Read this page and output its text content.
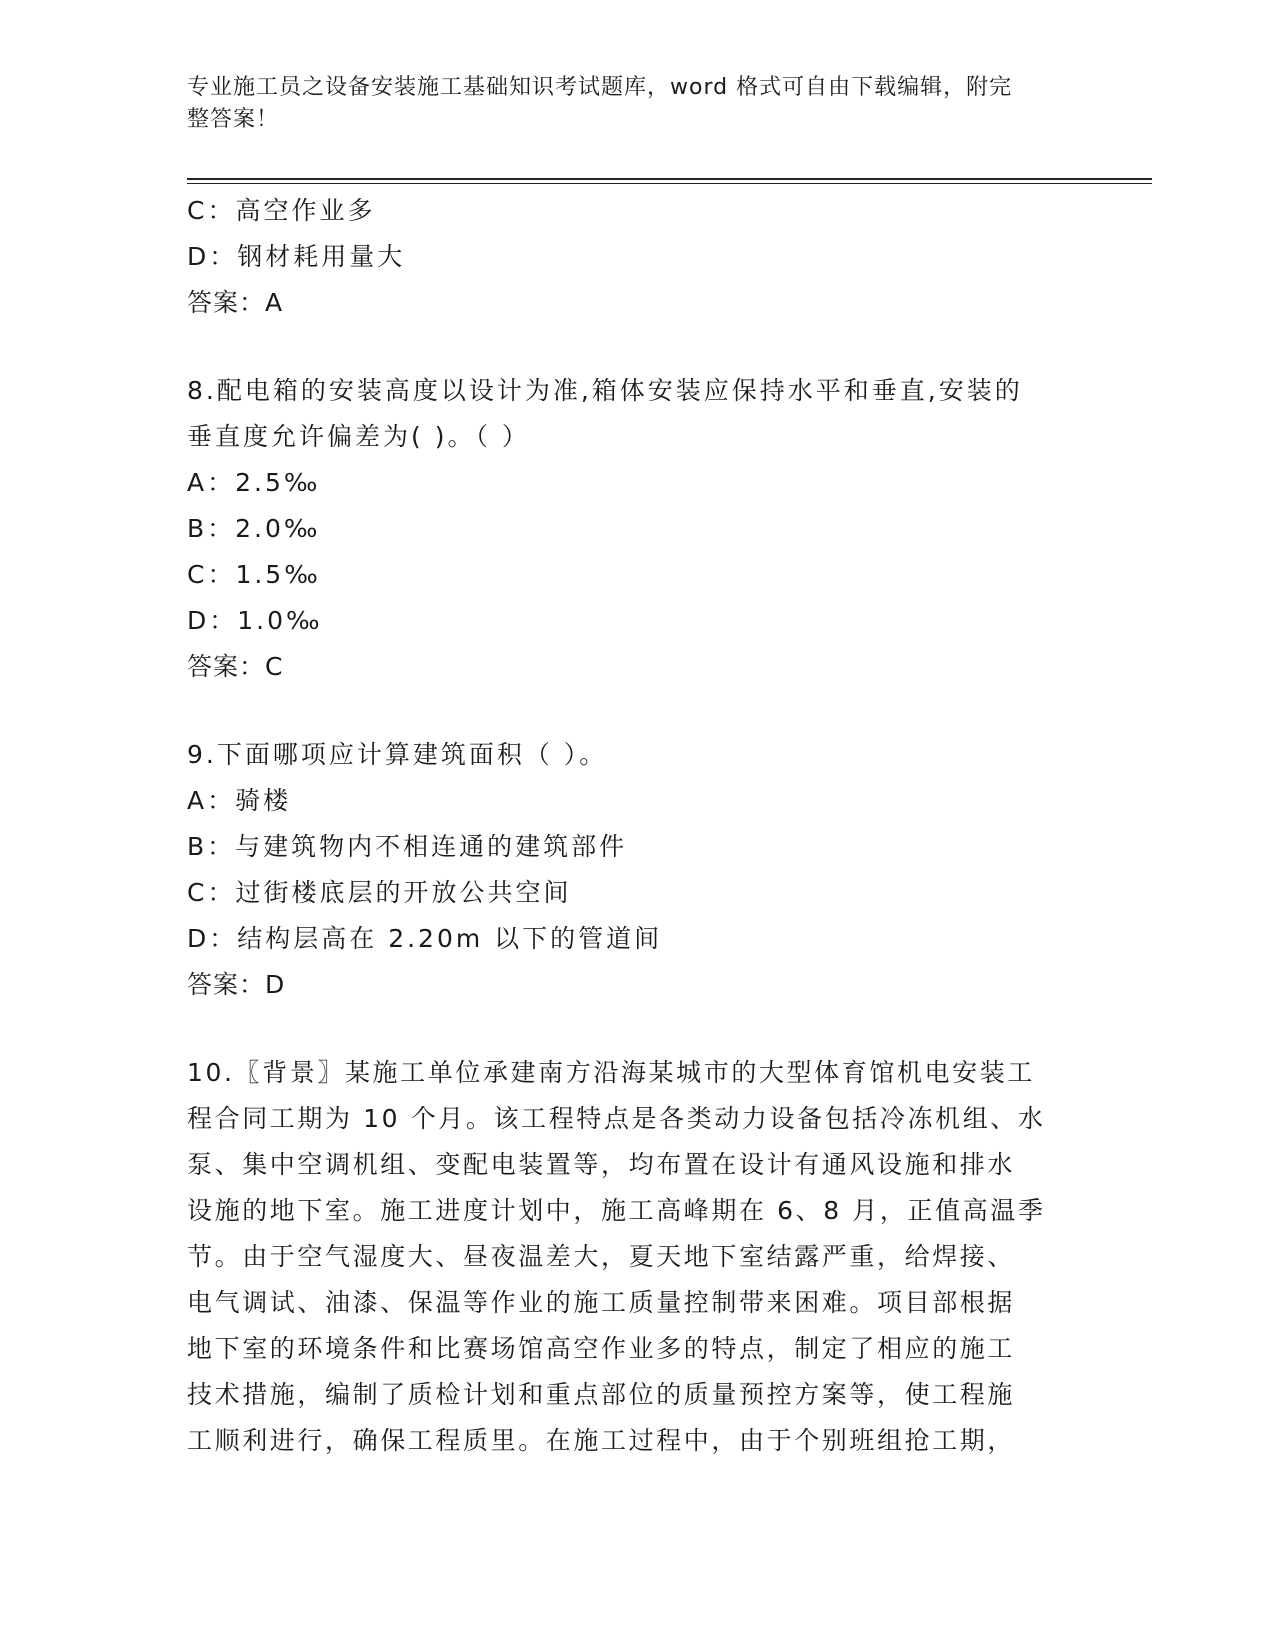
专业施工员之设备安装施工基础知识考试题库，word 格式可自由下载编辑，附完
整答案！
C：高空作业多
D：钢材耗用量大
答案：A
8.配电箱的安装高度以设计为准,箱体安装应保持水平和垂直,安装的
垂直度允许偏差为( )。（ ）
A：2.5‰
B：2.0‰
C：1.5‰
D：1.0‰
答案：C
9.下面哪项应计算建筑面积（ ）。
A：骑楼
B：与建筑物内不相连通的建筑部件
C：过街楼底层的开放公共空间
D：结构层高在 2.20m 以下的管道间
答案：D
10.〖背景〗某施工单位承建南方沿海某城市的大型体育馆机电安装工
程合同工期为 10 个月。该工程特点是各类动力设备包括冷冻机组、水
泵、集中空调机组、变配电装置等，均布置在设计有通风设施和排水
设施的地下室。施工进度计划中，施工高峰期在 6、8 月，正值高温季
节。由于空气湿度大、昼夜温差大，夏天地下室结露严重，给焊接、
电气调试、油漆、保温等作业的施工质量控制带来困难。项目部根据
地下室的环境条件和比赛场馆高空作业多的特点，制定了相应的施工
技术措施，编制了质检计划和重点部位的质量预控方案等，使工程施
工顺利进行，确保工程质里。在施工过程中，由于个别班组抢工期，
